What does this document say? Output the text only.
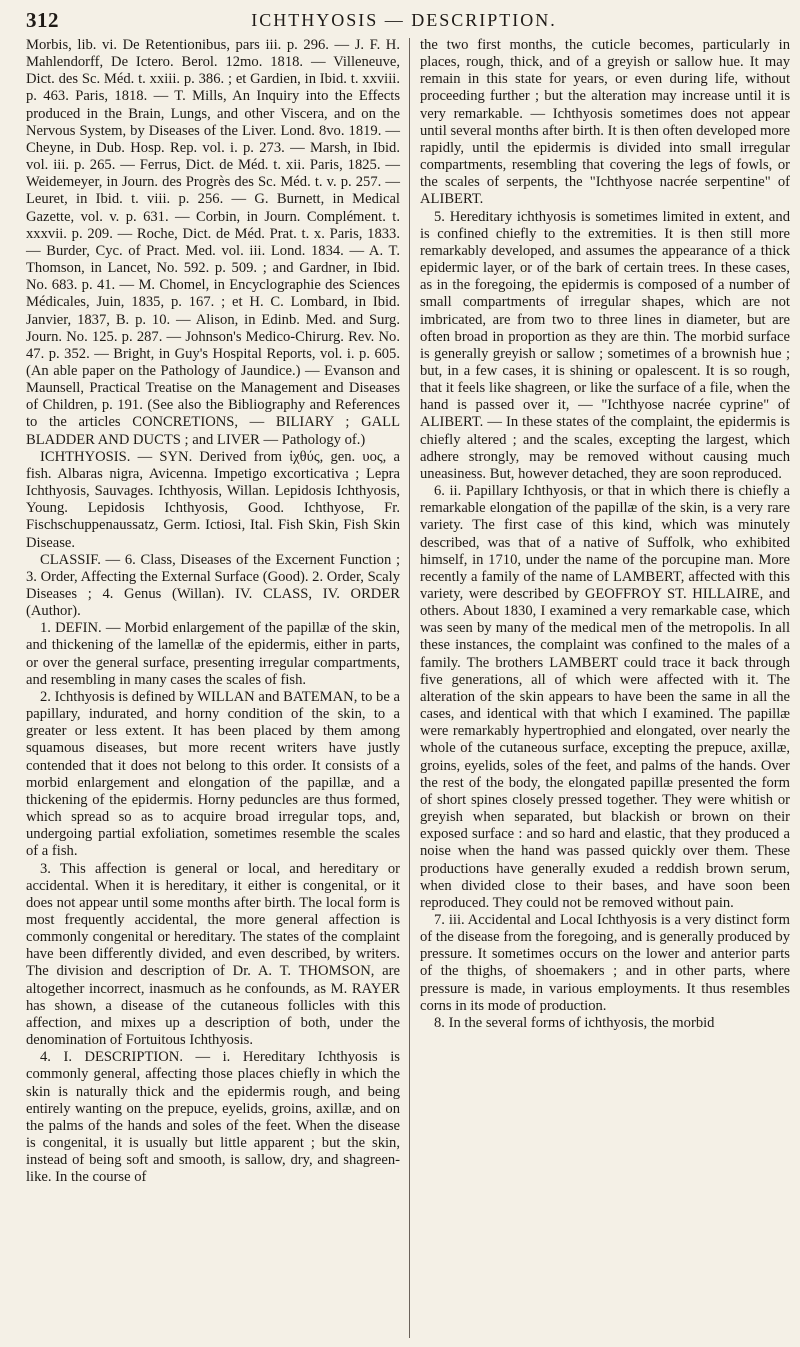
312	ICHTHYOSIS — DESCRIPTION.

Morbis, lib. vi. De Retentionibus, pars iii. p. 296. — J. F. H. Mahlendorff, De Ictero. Berol. 12mo. 1818. — Villeneuve, Dict. des Sc. Méd. t. xxiii. p. 386. ; et Gardien, in Ibid. t. xxviii. p. 463. Paris, 1818. — T. Mills, An Inquiry into the Effects produced in the Brain, Lungs, and other Viscera, and on the Nervous System, by Diseases of the Liver. Lond. 8vo. 1819. — Cheyne, in Dub. Hosp. Rep. vol. i. p. 273. — Marsh, in Ibid. vol. iii. p. 265. — Ferrus, Dict. de Méd. t. xii. Paris, 1825. — Weidemeyer, in Journ. des Progrès des Sc. Méd. t. v. p. 257. — Leuret, in Ibid. t. viii. p. 256. — G. Burnett, in Medical Gazette, vol. v. p. 631. — Corbin, in Journ. Complément. t. xxxvii. p. 209. — Roche, Dict. de Méd. Prat. t. x. Paris, 1833. — Burder, Cyc. of Pract. Med. vol. iii. Lond. 1834. — A. T. Thomson, in Lancet, No. 592. p. 509. ; and Gardner, in Ibid. No. 683. p. 41. — M. Chomel, in Encyclographie des Sciences Médicales, Juin, 1835, p. 167. ; et H. C. Lombard, in Ibid. Janvier, 1837, B. p. 10. — Alison, in Edinb. Med. and Surg. Journ. No. 125. p. 287. — Johnson's Medico-Chirurg. Rev. No. 47. p. 352. — Bright, in Guy's Hospital Reports, vol. i. p. 605. (An able paper on the Pathology of Jaundice.) — Evanson and Maunsell, Practical Treatise on the Management and Diseases of Children, p. 191. (See also the Bibliography and References to the articles CONCRETIONS, — BILIARY ; GALL BLADDER AND DUCTS ; and LIVER — Pathology of.)

ICHTHYOSIS. — SYN. Derived from ἰχθύς, gen. υος, a fish. Albaras nigra, Avicenna. Impetigo excorticativa ; Lepra Ichthyosis, Sauvages. Ichthyosis, Willan. Lepidosis Ichthyosis, Young. Lepidosis Ichthyosis, Good. Ichthyose, Fr. Fischschuppenaussatz, Germ. Ictiosi, Ital. Fish Skin, Fish Skin Disease.

CLASSIF. — 6. Class, Diseases of the Excernent Function ; 3. Order, Affecting the External Surface (Good). 2. Order, Scaly Diseases ; 4. Genus (Willan). IV. CLASS, IV. ORDER (Author).

1. DEFIN. — Morbid enlargement of the papillæ of the skin, and thickening of the lamellæ of the epidermis, either in parts, or over the general surface, presenting irregular compartments, and resembling in many cases the scales of fish.

2. Ichthyosis is defined by WILLAN and BATEMAN, to be a papillary, indurated, and horny condition of the skin, to a greater or less extent. It has been placed by them among squamous diseases, but more recent writers have justly contended that it does not belong to this order. It consists of a morbid enlargement and elongation of the papillæ, and a thickening of the epidermis. Horny peduncles are thus formed, which spread so as to acquire broad irregular tops, and, undergoing partial exfoliation, sometimes resemble the scales of a fish.

3. This affection is general or local, and hereditary or accidental. When it is hereditary, it either is congenital, or it does not appear until some months after birth. The local form is most frequently accidental, the more general affection is commonly congenital or hereditary. The states of the complaint have been differently divided, and even described, by writers. The division and description of Dr. A. T. THOMSON, are altogether incorrect, inasmuch as he confounds, as M. RAYER has shown, a disease of the cutaneous follicles with this affection, and mixes up a description of both, under the denomination of Fortuitous Ichthyosis.

4. I. DESCRIPTION. — i. Hereditary Ichthyosis is commonly general, affecting those places chiefly in which the skin is naturally thick and the epidermis rough, and being entirely wanting on the prepuce, eyelids, groins, axillæ, and on the palms of the hands and soles of the feet. When the disease is congenital, it is usually but little apparent ; but the skin, instead of being soft and smooth, is sallow, dry, and shagreen-like. In the course of

the two first months, the cuticle becomes, particularly in places, rough, thick, and of a greyish or sallow hue. It may remain in this state for years, or even during life, without proceeding further ; but the alteration may increase until it is very remarkable. — Ichthyosis sometimes does not appear until several months after birth. It is then often developed more rapidly, until the epidermis is divided into small irregular compartments, resembling that covering the legs of fowls, or the scales of serpents, the "Ichthyose nacrée serpentine" of ALIBERT.

5. Hereditary ichthyosis is sometimes limited in extent, and is confined chiefly to the extremities. It is then still more remarkably developed, and assumes the appearance of a thick epidermic layer, or of the bark of certain trees. In these cases, as in the foregoing, the epidermis is composed of a number of small compartments of irregular shapes, which are not imbricated, are from two to three lines in diameter, but are often broad in proportion as they are thin. The morbid surface is generally greyish or sallow ; sometimes of a brownish hue ; but, in a few cases, it is shining or opalescent. It is so rough, that it feels like shagreen, or like the surface of a file, when the hand is passed over it, — "Ichthyose nacrée cyprine" of ALIBERT. — In these states of the complaint, the epidermis is chiefly altered ; and the scales, excepting the largest, which adhere strongly, may be removed without causing much uneasiness. But, however detached, they are soon reproduced.

6. ii. Papillary Ichthyosis, or that in which there is chiefly a remarkable elongation of the papillæ of the skin, is a very rare variety. The first case of this kind, which was minutely described, was that of a native of Suffolk, who exhibited himself, in 1710, under the name of the porcupine man. More recently a family of the name of LAMBERT, affected with this variety, were described by GEOFFROY ST. HILLAIRE, and others. About 1830, I examined a very remarkable case, which was seen by many of the medical men of the metropolis. In all these instances, the complaint was confined to the males of a family. The brothers LAMBERT could trace it back through five generations, all of which were affected with it. The alteration of the skin appears to have been the same in all the cases, and identical with that which I examined. The papillæ were remarkably hypertrophied and elongated, over nearly the whole of the cutaneous surface, excepting the prepuce, axillæ, groins, eyelids, soles of the feet, and palms of the hands. Over the rest of the body, the elongated papillæ presented the form of short spines closely pressed together. They were whitish or greyish when separated, but blackish or brown on their exposed surface : and so hard and elastic, that they produced a noise when the hand was passed quickly over them. These productions have generally exuded a reddish brown serum, when divided close to their bases, and have soon been reproduced. They could not be removed without pain.

7. iii. Accidental and Local Ichthyosis is a very distinct form of the disease from the foregoing, and is generally produced by pressure. It sometimes occurs on the lower and anterior parts of the thighs, of shoemakers ; and in other parts, where pressure is made, in various employments. It thus resembles corns in its mode of production.

8. In the several forms of ichthyosis, the morbid
